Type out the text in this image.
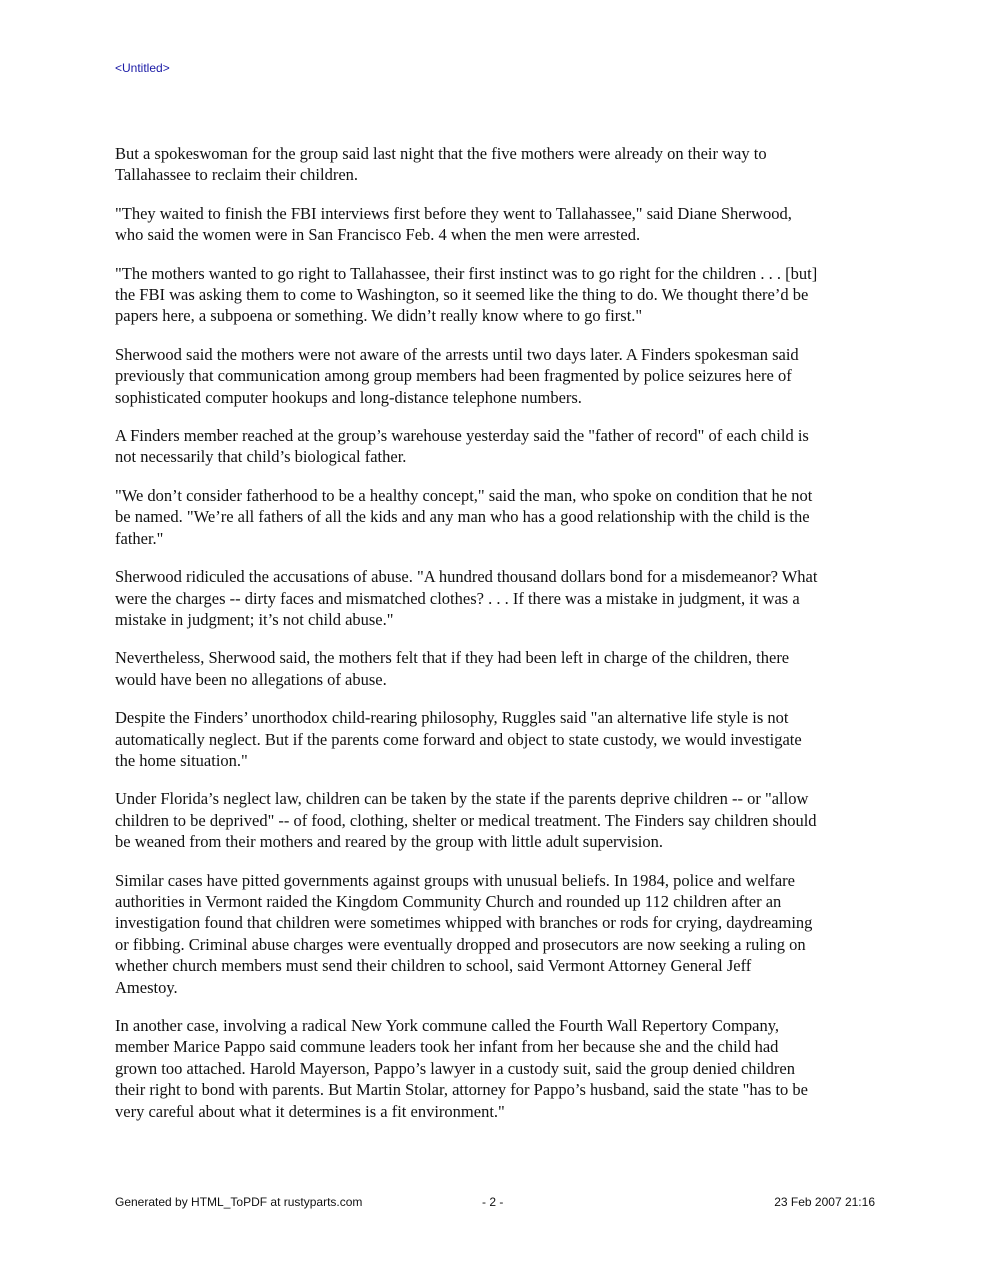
<Untitled>

But a spokeswoman for the group said last night that the five mothers were already on their way to
Tallahassee to reclaim their children.

"They waited to finish the FBI interviews first before they went to Tallahassee," said Diane Sherwood,
who said the women were in San Francisco Feb. 4 when the men were arrested.

"The mothers wanted to go right to Tallahassee, their first instinct was to go right for the children . . . [but]
the FBI was asking them to come to Washington, so it seemed like the thing to do. We thought there’d be
papers here, a subpoena or something. We didn’t really know where to go first."

Sherwood said the mothers were not aware of the arrests until two days later. A Finders spokesman said
previously that communication among group members had been fragmented by police seizures here of
sophisticated computer hookups and long-distance telephone numbers.

A Finders member reached at the group’s warehouse yesterday said the "father of record" of each child is
not necessarily that child’s biological father.

"We don’t consider fatherhood to be a healthy concept," said the man, who spoke on condition that he not
be named. "We’re all fathers of all the kids and any man who has a good relationship with the child is the
father."

Sherwood ridiculed the accusations of abuse. "A hundred thousand dollars bond for a misdemeanor? What
were the charges -- dirty faces and mismatched clothes? . . . If there was a mistake in judgment, it was a
mistake in judgment; it’s not child abuse."

Nevertheless, Sherwood said, the mothers felt that if they had been left in charge of the children, there
would have been no allegations of abuse.

Despite the Finders’ unorthodox child-rearing philosophy, Ruggles said "an alternative life style is not
automatically neglect. But if the parents come forward and object to state custody, we would investigate
the home situation."

Under Florida’s neglect law, children can be taken by the state if the parents deprive children -- or "allow
children to be deprived" -- of food, clothing, shelter or medical treatment. The Finders say children should
be weaned from their mothers and reared by the group with little adult supervision.

Similar cases have pitted governments against groups with unusual beliefs. In 1984, police and welfare
authorities in Vermont raided the Kingdom Community Church and rounded up 112 children after an
investigation found that children were sometimes whipped with branches or rods for crying, daydreaming
or fibbing. Criminal abuse charges were eventually dropped and prosecutors are now seeking a ruling on
whether church members must send their children to school, said Vermont Attorney General Jeff
Amestoy.

In another case, involving a radical New York commune called the Fourth Wall Repertory Company,
member Marice Pappo said commune leaders took her infant from her because she and the child had
grown too attached. Harold Mayerson, Pappo’s lawyer in a custody suit, said the group denied children
their right to bond with parents. But Martin Stolar, attorney for Pappo’s husband, said the state "has to be
very careful about what it determines is a fit environment."

Generated by HTML_ToPDF at rustyparts.com	- 2 -	23 Feb 2007 21:16
